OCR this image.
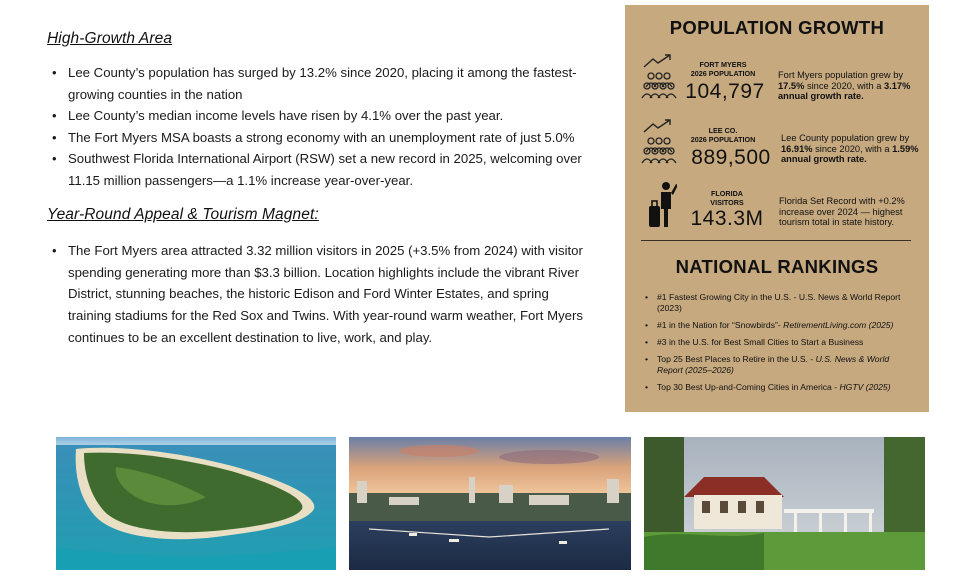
High-Growth Area
• Lee County’s population has surged by 13.2% since 2020, placing it among the fastest-growing counties in the nation
• Lee County’s median income levels have risen by 4.1% over the past year.
• The Fort Myers MSA boasts a strong economy with an unemployment rate of just 5.0%
• Southwest Florida International Airport (RSW) set a new record in 2025, welcoming over 11.15 million passengers—a 1.1% increase year-over-year.
Year-Round Appeal & Tourism Magnet:
• The Fort Myers area attracted 3.32 million visitors in 2025 (+3.5% from 2024) with visitor spending generating more than $3.3 billion. Location highlights include the vibrant River District, stunning beaches, the historic Edison and Ford Winter Estates, and spring training stadiums for the Red Sox and Twins. With year-round warm weather, Fort Myers continues to be an excellent destination to live, work, and play.
POPULATION GROWTH
FORT MYERS
2026 POPULATION
104,797
Fort Myers population grew by 17.5% since 2020, with a 3.17% annual growth rate.
LEE CO.
2026 POPULATION
889,500
Lee County population grew by 16.91% since 2020, with a 1.59% annual growth rate.
FLORIDA
VISITORS
143.3M
Florida Set Record with +0.2% increase over 2024 — highest tourism total in state history.
NATIONAL RANKINGS
• #1 Fastest Growing City in the U.S. - U.S. News & World Report (2023)
• #1 in the Nation for “Snowbirds”- RetirementLiving.com (2025)
• #3 in the U.S. for Best Small Cities to Start a Business
• Top 25 Best Places to Retire in the U.S. - U.S. News & World Report (2025–2026)
• Top 30 Best Up-and-Coming Cities in America - HGTV (2025)
